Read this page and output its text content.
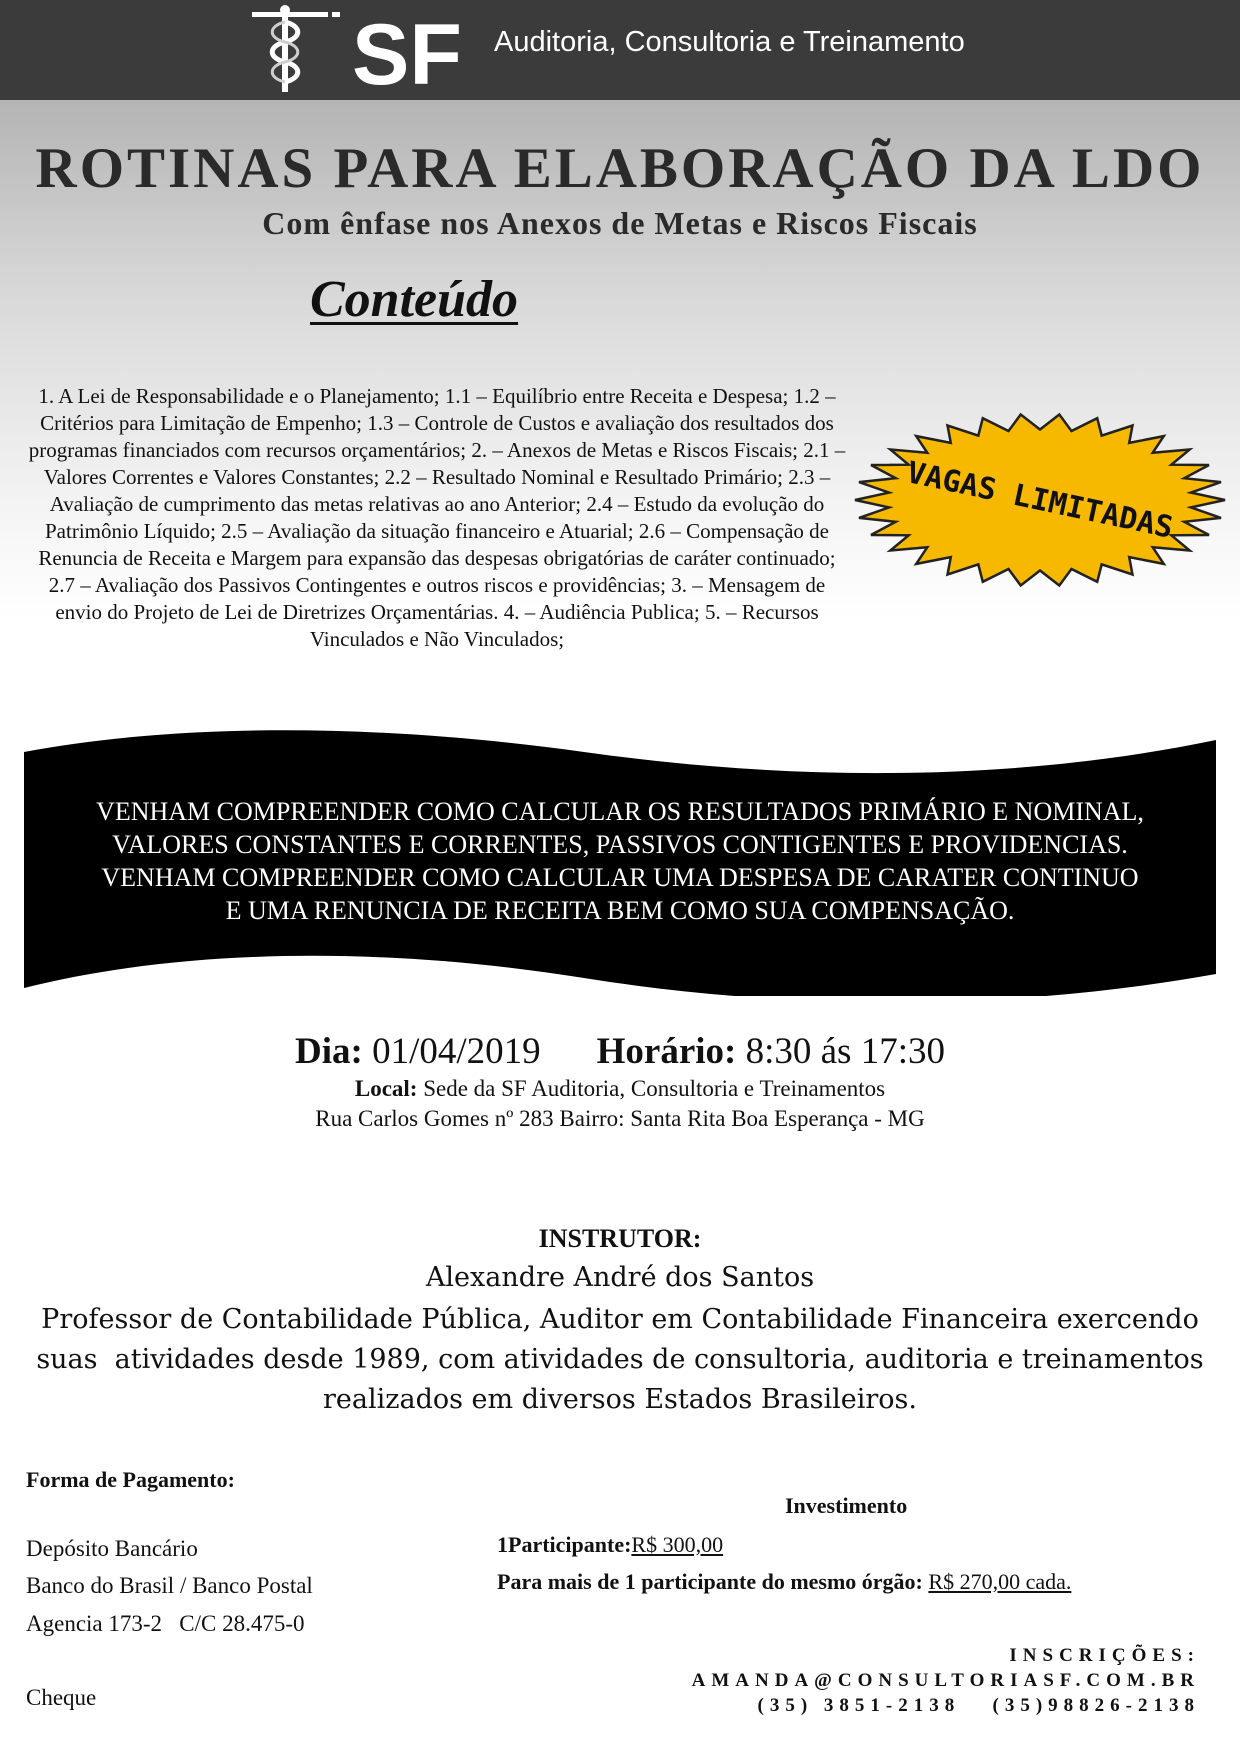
SF Auditoria, Consultoria e Treinamento
ROTINAS PARA ELABORAÇÃO DA LDO
Com ênfase nos Anexos de Metas e Riscos Fiscais
Conteúdo
1. A Lei de Responsabilidade e o Planejamento; 1.1 – Equilíbrio entre Receita e Despesa; 1.2 – Critérios para Limitação de Empenho; 1.3 – Controle de Custos e avaliação dos resultados dos programas financiados com recursos orçamentários; 2. – Anexos de Metas e Riscos Fiscais; 2.1 – Valores Correntes e Valores Constantes; 2.2 – Resultado Nominal e Resultado Primário; 2.3 – Avaliação de cumprimento das metas relativas ao ano Anterior; 2.4 – Estudo da evolução do Patrimônio Líquido; 2.5 – Avaliação da situação financeiro e Atuarial; 2.6 – Compensação de Renuncia de Receita e Margem para expansão das despesas obrigatórias de caráter continuado; 2.7 – Avaliação dos Passivos Contingentes e outros riscos e providências; 3. – Mensagem de envio do Projeto de Lei de Diretrizes Orçamentárias. 4. – Audiência Publica; 5. – Recursos Vinculados e Não Vinculados;
VAGAS LIMITADAS
VENHAM COMPREENDER COMO CALCULAR OS RESULTADOS PRIMÁRIO E NOMINAL,
VALORES CONSTANTES E CORRENTES, PASSIVOS CONTIGENTES E PROVIDENCIAS.
VENHAM COMPREENDER COMO CALCULAR UMA DESPESA DE CARATER CONTINUO
E UMA RENUNCIA DE RECEITA BEM COMO SUA COMPENSAÇÃO.
Dia: 01/04/2019 Horário: 8:30 ás 17:30
Local: Sede da SF Auditoria, Consultoria e Treinamentos
Rua Carlos Gomes nº 283 Bairro: Santa Rita Boa Esperança - MG
INSTRUTOR:
Alexandre André dos Santos
Professor de Contabilidade Pública, Auditor em Contabilidade Financeira exercendo
suas  atividades desde 1989, com atividades de consultoria, auditoria e treinamentos
realizados em diversos Estados Brasileiros.
Forma de Pagamento:
Depósito Bancário
Banco do Brasil / Banco Postal
Agencia 173-2   C/C 28.475-0
Cheque
Investimento
1Participante:R$ 300,00
Para mais de 1 participante do mesmo órgão: R$ 270,00 cada.
INSCRIÇÕES:
AMANDA@CONSULTORIASF.COM.BR
(35) 3851-2138   (35)98826-2138
